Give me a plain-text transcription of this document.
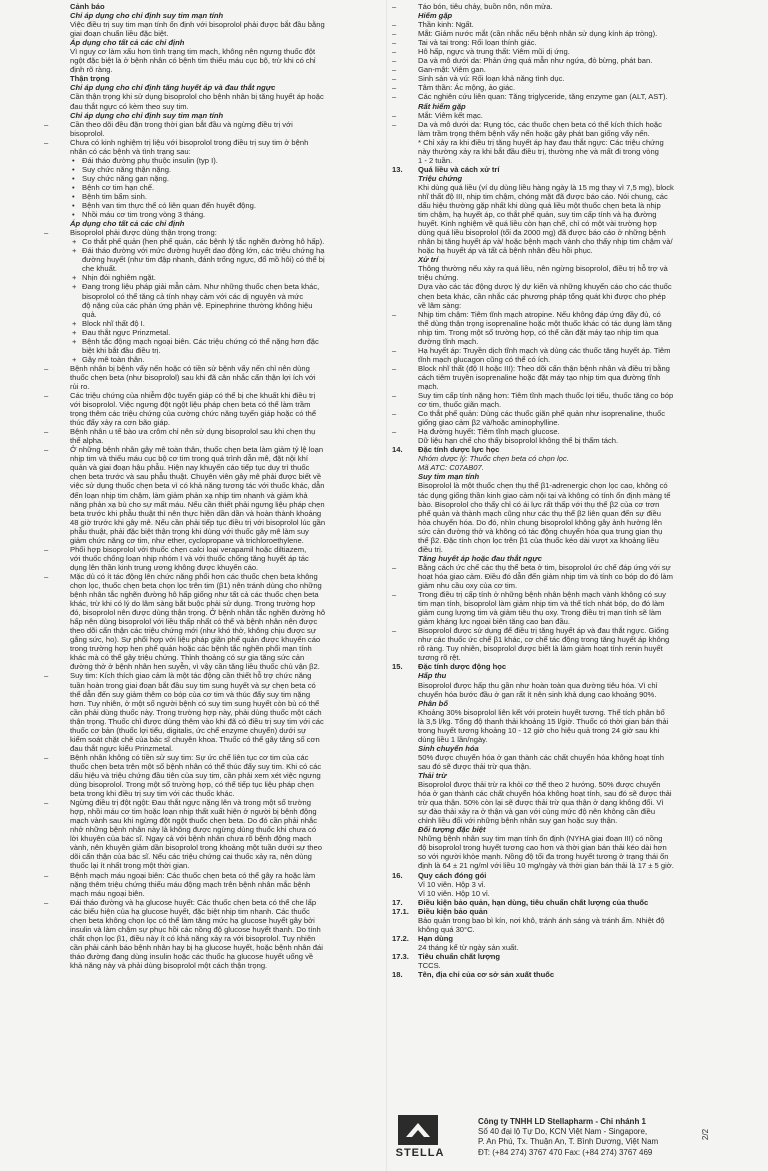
Cảnh báo
Chỉ áp dụng cho chỉ định suy tim mạn tính
Việc điều trị suy tim mạn tính ổn định với bisoprolol phải được bắt đầu bằng
giai đoạn chuẩn liều đặc biệt.
Áp dụng cho tất cả các chỉ định
Vì nguy cơ làm xấu hơn tình trạng tim mạch, không nên ngưng thuốc đột
ngột đặc biệt là ở bệnh nhân có bệnh tim thiếu máu cục bộ, trừ khi có chỉ
định rõ ràng.
Thận trọng
Chỉ áp dụng cho chỉ định tăng huyết áp và đau thắt ngực
Cần thận trọng khi sử dụng bisoprolol cho bệnh nhân bị tăng huyết áp hoặc
đau thắt ngực có kèm theo suy tim.
Chỉ áp dụng cho chỉ định suy tim mạn tính
–	Cần theo dõi đều đặn trong thời gian bắt đầu và ngừng điều trị với
bisoprolol.
–	Chưa có kinh nghiệm trị liệu với bisoprolol trong điều trị suy tim ở bệnh
nhân có các bệnh và tình trạng sau:
• Đái tháo đường phụ thuộc insulin (typ I).
• Suy chức năng thận nặng.
• Suy chức năng gan nặng.
• Bệnh cơ tim hạn chế.
• Bệnh tim bẩm sinh.
• Bệnh van tim thực thể có liên quan đến huyết động.
• Nhồi máu cơ tim trong vòng 3 tháng.
Áp dụng cho tất cả các chỉ định
–	Bisoprolol phải được dùng thận trọng trong:
+ Co thắt phế quản (hen phế quản, các bệnh lý tắc nghẽn đường hô hấp).
+ Đái tháo đường với mức đường huyết dao động lớn, các triệu chứng hạ
đường huyết (như tim đập nhanh, đánh trống ngực, đổ mồ hôi) có thể bị
che khuất.
+ Nhịn đói nghiêm ngặt.
+ Đang trong liệu pháp giải mẫn cảm. Như những thuốc chẹn beta khác,
bisoprolol có thể tăng cả tính nhạy cảm với các dị nguyên và mức
độ nặng của các phản ứng phản vệ. Epinephrine thường không hiệu
quả.
+ Block nhĩ thất độ I.
+ Đau thắt ngực Prinzmetal.
+ Bệnh tắc động mạch ngoại biên. Các triệu chứng có thể nặng hơn đặc
biệt khi bắt đầu điều trị.
+ Gây mê toàn thân.
–	Bệnh nhân bị bệnh vẩy nến hoặc có tiền sử bệnh vẩy nến chỉ nên dùng
thuốc chẹn beta (như bisoprolol) sau khi đã cân nhắc cẩn thận lợi ích với
rủi ro.
–	Các triệu chứng của nhiễm độc tuyến giáp có thể bị che khuất khi điều trị
với bisoprolol. Việc ngưng đột ngột liệu pháp chẹn beta có thể làm trầm
trọng thêm các triệu chứng của cường chức năng tuyến giáp hoặc có thể
thúc đẩy xảy ra cơn bão giáp.
–	Bệnh nhân u tế bào ưa crôm chỉ nên sử dụng bisoprolol sau khi chẹn thụ
thể alpha.
–	Ở những bệnh nhân gây mê toàn thân, thuốc chẹn beta làm giảm tỷ lệ loạn
nhịp tim và thiếu máu cục bộ cơ tim trong quá trình dẫn mê, đặt nội khí
quản và giai đoạn hậu phẫu. Hiện nay khuyến cáo tiếp tục duy trì thuốc
chẹn beta trước và sau phẫu thuật. Chuyên viên gây mê phải được biết về
việc sử dụng thuốc chẹn beta vì có khả năng tương tác với thuốc khác, dẫn
đến loạn nhịp tim chậm, làm giảm phản xạ nhịp tim nhanh và giảm khả
năng phản xạ bù cho sự mất máu. Nếu cần thiết phải ngưng liệu pháp chẹn
beta trước khi phẫu thuật thì nên thực hiện dần dần và hoàn thành khoảng
48 giờ trước khi gây mê. Nếu cần phải tiếp tục điều trị với bisoprolol lúc gần
phẫu thuật, phải đặc biệt thận trọng khi dùng với thuốc gây mê làm suy
giảm chức năng cơ tim, như ether, cyclopropane và trichloroethylene.
–	Phối hợp bisoprolol với thuốc chẹn calci loại verapamil hoặc diltiazem,
với thuốc chống loạn nhịp nhóm I và với thuốc chống tăng huyết áp tác
dụng lên thần kinh trung ương không được khuyến cáo.
–	Mặc dù có ít tác động lên chức năng phổi hơn các thuốc chẹn beta không
chọn lọc, thuốc chẹn beta chọn lọc trên tim (β1) nên tránh dùng cho những
bệnh nhân tắc nghẽn đường hô hấp giống như tất cả các thuốc chẹn beta
khác, trừ khi có lý do lâm sàng bắt buộc phải sử dụng. Trong trường hợp
đó, bisoprolol nên được dùng thận trọng. Ở bệnh nhân tắc nghẽn đường hô
hấp nên dùng bisoprolol với liều thấp nhất có thể và bệnh nhân nên được
theo dõi cẩn thận các triệu chứng mới (như khó thở, không chịu được sự
gắng sức, ho). Sự phối hợp với liệu pháp giãn phế quản được khuyến cáo
trong trường hợp hen phế quản hoặc các bệnh tắc nghẽn phổi mạn tính
khác mà có thể gây triệu chứng. Thỉnh thoảng có sự gia tăng sức cản
đường thở ở bệnh nhân hen suyễn, vì vậy cần tăng liều thuốc chủ vận β2.
–	Suy tim: Kích thích giao cảm là một tác động cần thiết hỗ trợ chức năng
tuần hoàn trong giai đoạn bắt đầu suy tim sung huyết và sự chẹn beta có
thể dẫn đến suy giảm thêm co bóp của cơ tim và thúc đẩy suy tim nặng
hơn. Tuy nhiên, ở một số người bệnh có suy tim sung huyết còn bù có thể
cần phải dùng thuốc này. Trong trường hợp này, phải dùng thuốc một cách
thận trọng. Thuốc chỉ được dùng thêm vào khi đã có điều trị suy tim với các
thuốc cơ bản (thuốc lợi tiểu, digitalis, ức chế enzyme chuyển) dưới sự
kiểm soát chặt chẽ của bác sĩ chuyên khoa. Thuốc có thể gây tăng số cơn
đau thắt ngực kiểu Prinzmetal.
–	Bệnh nhân không có tiền sử suy tim: Sự ức chế liên tục cơ tim của các
thuốc chẹn beta trên một số bệnh nhân có thể thúc đẩy suy tim. Khi có các
dấu hiệu và triệu chứng đầu tiên của suy tim, cần phải xem xét việc ngưng
dùng bisoprolol. Trong một số trường hợp, có thể tiếp tục liệu pháp chẹn
beta trong khi điều trị suy tim với các thuốc khác.
–	Ngừng điều trị đột ngột: Đau thắt ngực nặng lên và trong một số trường
hợp, nhồi máu cơ tim hoặc loạn nhịp thất xuất hiện ở người bị bệnh động
mạch vành sau khi ngừng đột ngột thuốc chẹn beta. Do đó cần phải nhắc
nhở những bệnh nhân này là không được ngừng dùng thuốc khi chưa có
lời khuyên của bác sĩ. Ngay cả với bệnh nhân chưa rõ bệnh động mạch
vành, nên khuyên giảm dần bisoprolol trong khoảng một tuần dưới sự theo
dõi cẩn thận của bác sĩ. Nếu các triệu chứng cai thuốc xảy ra, nên dùng
thuốc lại ít nhất trong một thời gian.
–	Bệnh mạch máu ngoại biên: Các thuốc chẹn beta có thể gây ra hoặc làm
nặng thêm triệu chứng thiếu máu động mạch trên bệnh nhân mắc bệnh
mạch máu ngoại biên.
–	Đái tháo đường và hạ glucose huyết: Các thuốc chẹn beta có thể che lấp
các biểu hiện của hạ glucose huyết, đặc biệt nhịp tim nhanh. Các thuốc
chẹn beta không chọn lọc có thể làm tăng mức hạ glucose huyết gây bởi
insulin và làm chậm sự phục hồi các nồng độ glucose huyết thanh. Do tính
chất chọn lọc β1, điều này ít có khả năng xảy ra với bisoprolol. Tuy nhiên
cần phải cảnh báo bệnh nhân hay bị hạ glucose huyết, hoặc bệnh nhân đái
tháo đường đang dùng insulin hoặc các thuốc hạ glucose huyết uống về
khả năng này và phải dùng bisoprolol một cách thận trọng.
–	Táo bón, tiêu chảy, buồn nôn, nôn mửa.
Hiếm gặp
–	Thần kinh: Ngất.
–	Mắt: Giảm nước mắt (cần nhắc nếu bệnh nhân sử dụng kính áp tròng).
–	Tai và tai trong: Rối loạn thính giác.
–	Hô hấp, ngực và trung thất: Viêm mũi dị ứng.
–	Da và mô dưới da: Phản ứng quá mẫn như ngứa, đỏ bừng, phát ban.
–	Gan-mật: Viêm gan.
–	Sinh sản và vú: Rối loạn khả năng tình dục.
–	Tâm thần: Ác mộng, ảo giác.
–	Các nghiên cứu liên quan: Tăng triglyceride, tăng enzyme gan (ALT, AST).
Rất hiếm gặp
–	Mắt: Viêm kết mạc.
–	Da và mô dưới da: Rụng tóc, các thuốc chẹn beta có thể kích thích hoặc
làm trầm trọng thêm bệnh vẩy nến hoặc gây phát ban giống vẩy nến.
* Chỉ xảy ra khi điều trị tăng huyết áp hay đau thắt ngực: Các triệu chứng
này thường xảy ra khi bắt đầu điều trị, thường nhẹ và mất đi trong vòng
1 - 2 tuần.
13. Quá liều và cách xử trí
Triệu chứng
Khi dùng quá liều (ví dụ dùng liều hàng ngày là 15 mg thay vì 7,5 mg), block
nhĩ thất độ III, nhịp tim chậm, chóng mặt đã được báo cáo. Nói chung, các
dấu hiệu thường gặp nhất khi dùng quá liều một thuốc chẹn beta là nhịp
tim chậm, hạ huyết áp, co thắt phế quản, suy tim cấp tính và hạ đường
huyết. Kinh nghiệm về quá liều còn hạn chế, chỉ có một vài trường hợp
dùng quá liều bisoprolol (tối đa 2000 mg) đã được báo cáo ở những bệnh
nhân bị tăng huyết áp và/ hoặc bệnh mạch vành cho thấy nhịp tim chậm và/
hoặc hạ huyết áp và tất cả bệnh nhân đều hồi phục.
Xử trí
Thông thường nếu xảy ra quá liều, nên ngừng bisoprolol, điều trị hỗ trợ và
triệu chứng.
Dựa vào các tác động dược lý dự kiến và những khuyến cáo cho các thuốc
chẹn beta khác, cần nhắc các phương pháp tổng quát khi được cho phép
về lâm sàng:
–	Nhịp tim chậm: Tiêm tĩnh mạch atropine. Nếu không đáp ứng đầy đủ, có
thể dùng thận trọng isoprenaline hoặc một thuốc khác có tác dụng làm tăng
nhịp tim. Trong một số trường hợp, có thể cần đặt máy tạo nhịp tim qua
đường tĩnh mạch.
–	Hạ huyết áp: Truyền dịch tĩnh mạch và dùng các thuốc tăng huyết áp. Tiêm
tĩnh mạch glucagon cũng có thể có ích.
–	Block nhĩ thất (độ II hoặc III): Theo dõi cẩn thận bệnh nhân và điều trị bằng
cách tiêm truyền isoprenaline hoặc đặt máy tạo nhịp tim qua đường tĩnh
mạch.
–	Suy tim cấp tính nặng hơn: Tiêm tĩnh mạch thuốc lợi tiểu, thuốc tăng co bóp
cơ tim, thuốc giãn mạch.
–	Co thắt phế quản: Dùng các thuốc giãn phế quản như isoprenaline, thuốc
giống giao cảm β2 và/hoặc aminophylline.
–	Hạ đường huyết: Tiêm tĩnh mạch glucose.
Dữ liệu hạn chế cho thấy bisoprolol không thể bị thẩm tách.
14. Đặc tính dược lực học
Nhóm dược lý: Thuốc chẹn beta có chọn lọc.
Mã ATC: C07AB07.
Suy tim mạn tính
Bisoprolol là một thuốc chẹn thụ thể β1-adrenergic chọn lọc cao, không có
tác dụng giống thần kinh giao cảm nội tại và không có tính ổn định màng tế
bào. Bisoprolol cho thấy chỉ có ái lực rất thấp với thụ thể β2 của cơ trơn
phế quản và thành mạch cũng như các thụ thể β2 liên quan đến sự điều
hòa chuyển hóa. Do đó, nhìn chung bisoprolol không gây ảnh hưởng lên
sức cản đường thở và không có tác động chuyển hóa qua trung gian thụ
thể β2. Đặc tính chọn lọc trên β1 của thuốc kéo dài vượt xa khoảng liều
điều trị.
Tăng huyết áp hoặc đau thắt ngực
–	Bằng cách ức chế các thụ thể beta ở tim, bisoprolol ức chế đáp ứng với sự
hoạt hóa giao cảm. Điều đó dẫn đến giảm nhịp tim và tính co bóp do đó làm
giảm nhu cầu oxy của cơ tim.
–	Trong điều trị cấp tính ở những bệnh nhân bệnh mạch vành không có suy
tim mạn tính, bisoprolol làm giảm nhịp tim và thể tích nhát bóp, do đó làm
giảm cung lượng tim và giảm tiêu thụ oxy. Trong điều trị mạn tính sẽ làm
giảm kháng lực ngoại biên tăng cao ban đầu.
–	Bisoprolol được sử dụng để điều trị tăng huyết áp và đau thắt ngực. Giống
như các thuốc ức chế β1 khác, cơ chế tác động trong tăng huyết áp không
rõ ràng. Tuy nhiên, bisoprolol được biết là làm giảm hoạt tính renin huyết
tương rõ rệt.
15. Đặc tính dược động học
Hấp thu
Bisoprolol được hấp thu gần như hoàn toàn qua đường tiêu hóa. Vì chỉ
chuyển hóa bước đầu ở gan rất ít nên sinh khả dụng cao khoảng 90%.
Phân bố
Khoảng 30% bisoprolol liên kết với protein huyết tương. Thể tích phân bố
là 3,5 l/kg. Tổng độ thanh thải khoảng 15 l/giờ. Thuốc có thời gian bán thải
trong huyết tương khoảng 10 - 12 giờ cho hiệu quả trong 24 giờ sau khi
dùng liều 1 lần/ngày.
Sinh chuyển hóa
50% được chuyển hóa ở gan thành các chất chuyển hóa không hoạt tính
sau đó sẽ được thải trừ qua thận.
Thải trừ
Bisoprolol được thải trừ ra khỏi cơ thể theo 2 hướng. 50% được chuyển
hóa ở gan thành các chất chuyển hóa không hoạt tính, sau đó sẽ được thải
trừ qua thận. 50% còn lại sẽ được thải trừ qua thận ở dạng không đổi. Vì
sự đào thải xảy ra ở thận và gan với cùng mức độ nên không cần điều
chỉnh liều đối với những bệnh nhân suy gan hoặc suy thận.
Đối tượng đặc biệt
Những bệnh nhân suy tim mạn tính ổn định (NYHA giai đoạn III) có nồng
độ bisoprolol trong huyết tương cao hơn và thời gian bán thải kéo dài hơn
so với người khỏe mạnh. Nồng độ tối đa trong huyết tương ở trạng thái ổn
định là 64 ± 21 ng/ml với liều 10 mg/ngày và thời gian bán thải là 17 ± 5 giờ.
16. Quy cách đóng gói
Vỉ 10 viên. Hộp 3 vỉ.
Vỉ 10 viên. Hộp 10 vỉ.
17. Điều kiện bảo quản, hạn dùng, tiêu chuẩn chất lượng của thuốc
17.1. Điều kiện bảo quản
Bảo quản trong bao bì kín, nơi khô, tránh ánh sáng và tránh ẩm. Nhiệt độ
không quá 30°C.
17.2. Hạn dùng
24 tháng kể từ ngày sản xuất.
17.3. Tiêu chuẩn chất lượng
TCCS.
18. Tên, địa chỉ của cơ sở sản xuất thuốc
STELLA
Công ty TNHH LD Stellapharm - Chi nhánh 1
Số 40 đại lộ Tự Do, KCN Việt Nam - Singapore,
P. An Phú, Tx. Thuận An, T. Bình Dương, Việt Nam
ĐT: (+84 274) 3767 470 Fax: (+84 274) 3767 469
2/2
